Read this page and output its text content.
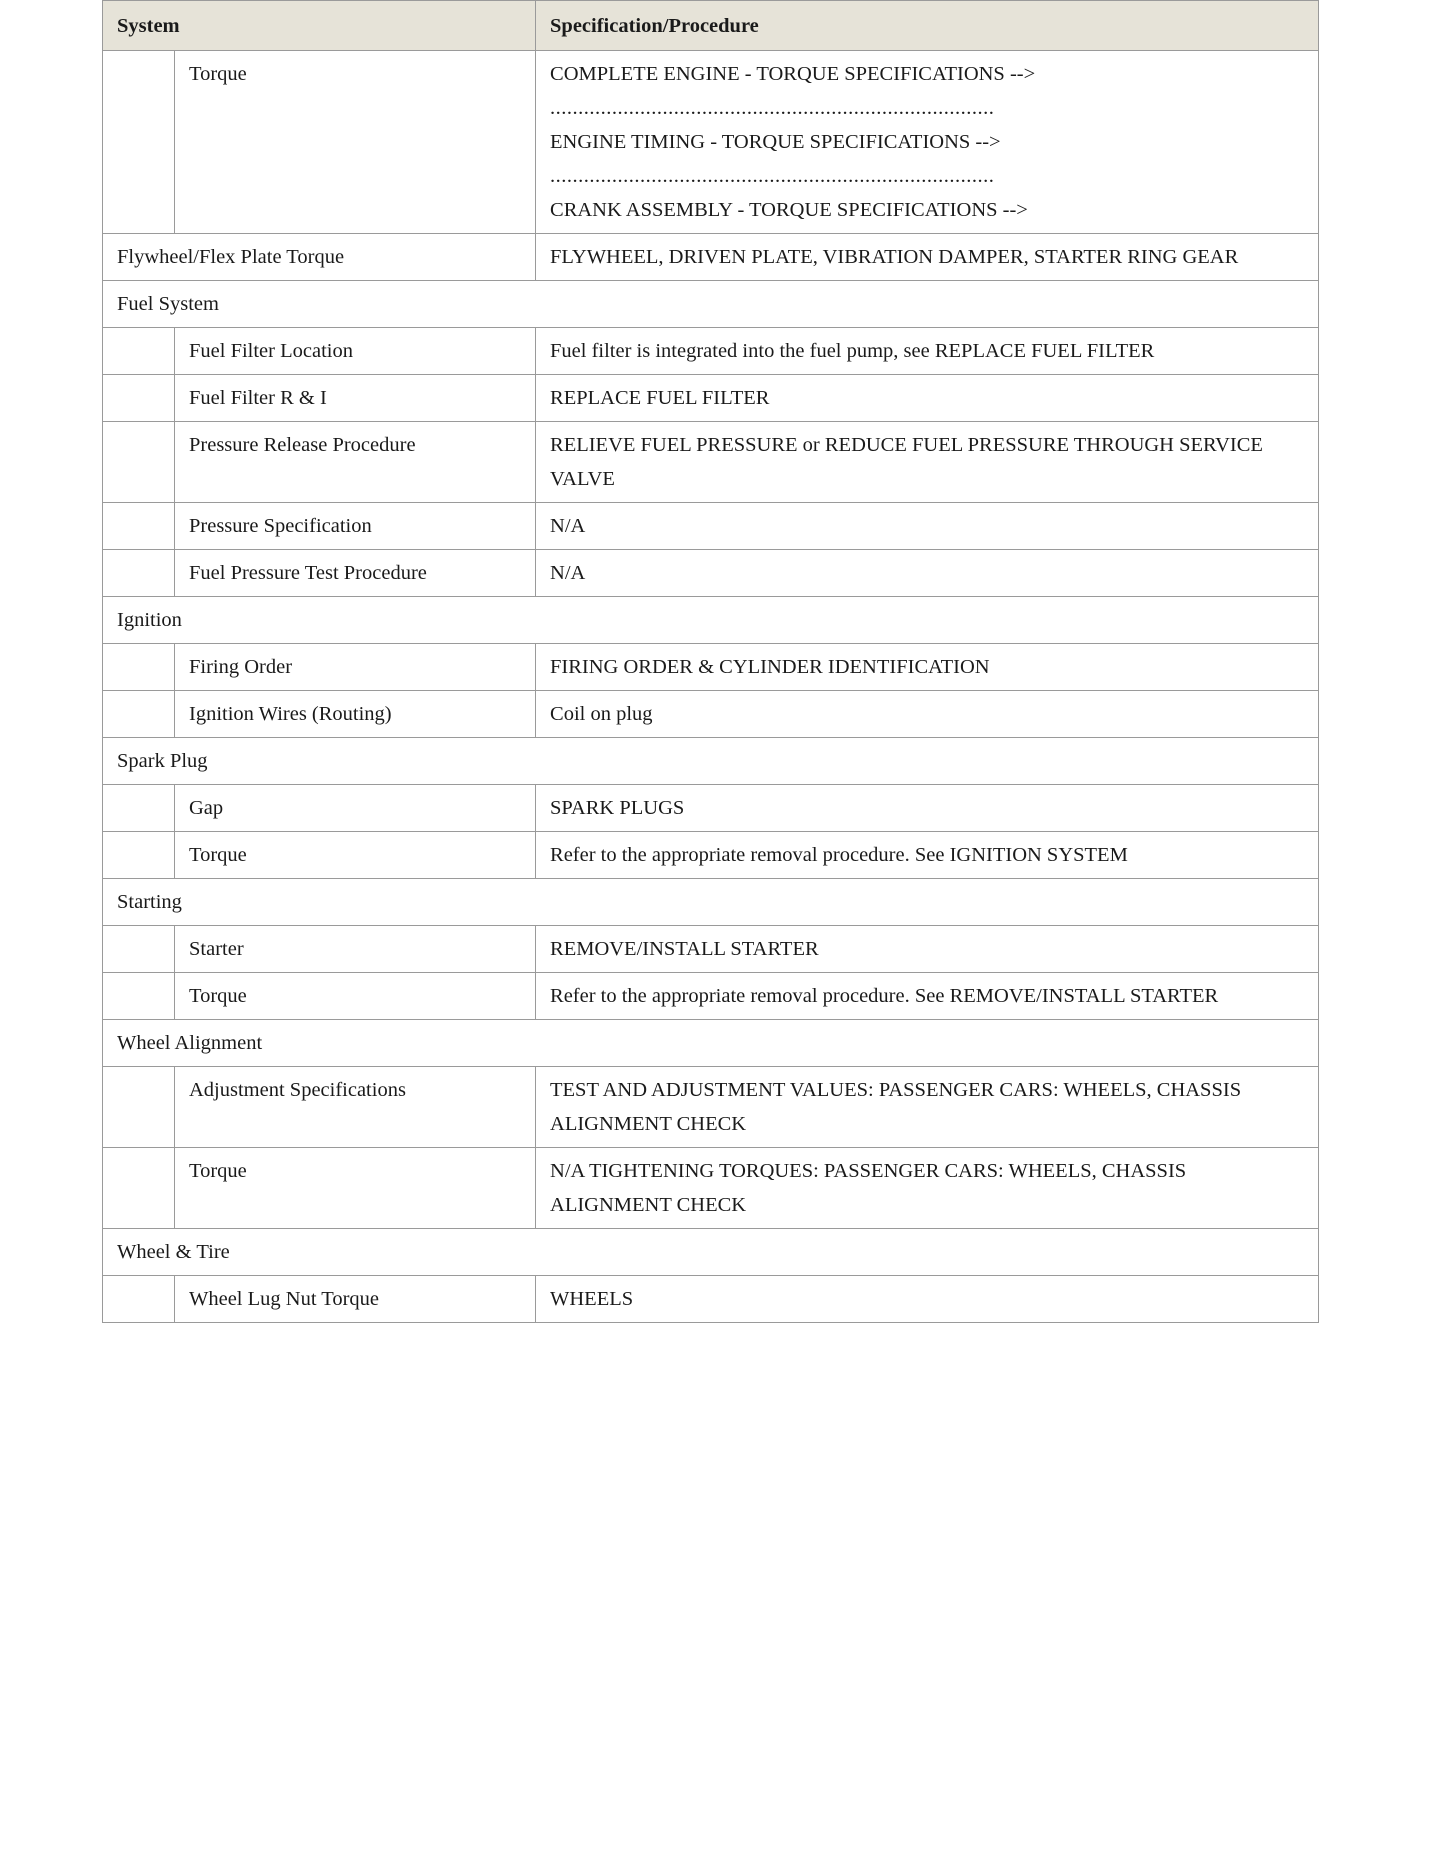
System		Specification/Procedure
	Torque	COMPLETE ENGINE - TORQUE SPECIFICATIONS -->
...............................................................................
ENGINE TIMING - TORQUE SPECIFICATIONS -->
...............................................................................
CRANK ASSEMBLY - TORQUE SPECIFICATIONS -->

Flywheel/Flex Plate Torque		FLYWHEEL, DRIVEN PLATE, VIBRATION DAMPER, STARTER RING GEAR
Fuel System		
	Fuel Filter Location	Fuel filter is integrated into the fuel pump, see REPLACE FUEL FILTER
	Fuel Filter R & I	REPLACE FUEL FILTER
	Pressure Release Procedure	RELIEVE FUEL PRESSURE or REDUCE FUEL PRESSURE THROUGH SERVICE VALVE
	Pressure Specification	N/A
	Fuel Pressure Test Procedure	N/A
Ignition		
	Firing Order	FIRING ORDER & CYLINDER IDENTIFICATION
	Ignition Wires (Routing)	Coil on plug
Spark Plug		
	Gap	SPARK PLUGS
	Torque	Refer to the appropriate removal procedure. See IGNITION SYSTEM
Starting		
	Starter	REMOVE/INSTALL STARTER
	Torque	Refer to the appropriate removal procedure. See REMOVE/INSTALL STARTER
Wheel Alignment		
	Adjustment Specifications	TEST AND ADJUSTMENT VALUES: PASSENGER CARS: WHEELS, CHASSIS ALIGNMENT CHECK
	Torque	N/A TIGHTENING TORQUES: PASSENGER CARS: WHEELS, CHASSIS ALIGNMENT CHECK
Wheel & Tire		
	Wheel Lug Nut Torque	WHEELS
